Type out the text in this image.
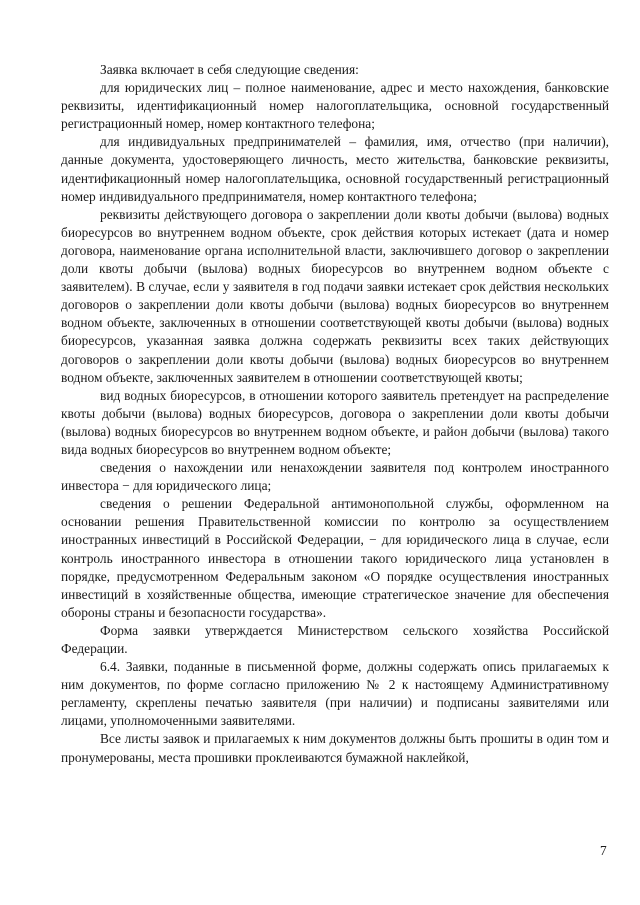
Заявка включает в себя следующие сведения:

для юридических лиц – полное наименование, адрес и место нахождения, банковские реквизиты, идентификационный номер налогоплательщика, основной государственный регистрационный номер, номер контактного телефона;

для индивидуальных предпринимателей – фамилия, имя, отчество (при наличии), данные документа, удостоверяющего личность, место жительства, банковские реквизиты, идентификационный номер налогоплательщика, основной государственный регистрационный номер индивидуального предпринимателя, номер контактного телефона;

реквизиты действующего договора о закреплении доли квоты добычи (вылова) водных биоресурсов во внутреннем водном объекте, срок действия которых истекает (дата и номер договора, наименование органа исполнительной власти, заключившего договор о закреплении доли квоты добычи (вылова) водных биоресурсов во внутреннем водном объекте с заявителем). В случае, если у заявителя в год подачи заявки истекает срок действия нескольких договоров о закреплении доли квоты добычи (вылова) водных биоресурсов во внутреннем водном объекте, заключенных в отношении соответствующей квоты добычи (вылова) водных биоресурсов, указанная заявка должна содержать реквизиты всех таких действующих договоров о закреплении доли квоты добычи (вылова) водных биоресурсов во внутреннем водном объекте, заключенных заявителем в отношении соответствующей квоты;

вид водных биоресурсов, в отношении которого заявитель претендует на распределение квоты добычи (вылова) водных биоресурсов, договора о закреплении доли квоты добычи (вылова) водных биоресурсов во внутреннем водном объекте, и район добычи (вылова) такого вида водных биоресурсов во внутреннем водном объекте;

сведения о нахождении или ненахождении заявителя под контролем иностранного инвестора − для юридического лица;

сведения о решении Федеральной антимонопольной службы, оформленном на основании решения Правительственной комиссии по контролю за осуществлением иностранных инвестиций в Российской Федерации, − для юридического лица в случае, если контроль иностранного инвестора в отношении такого юридического лица установлен в порядке, предусмотренном Федеральным законом «О порядке осуществления иностранных инвестиций в хозяйственные общества, имеющие стратегическое значение для обеспечения обороны страны и безопасности государства».

Форма заявки утверждается Министерством сельского хозяйства Российской Федерации.

6.4. Заявки, поданные в письменной форме, должны содержать опись прилагаемых к ним документов, по форме согласно приложению № 2 к настоящему Административному регламенту, скреплены печатью заявителя (при наличии) и подписаны заявителями или лицами, уполномоченными заявителями.

Все листы заявок и прилагаемых к ним документов должны быть прошиты в один том и пронумерованы, места прошивки проклеиваются бумажной наклейкой,

7
